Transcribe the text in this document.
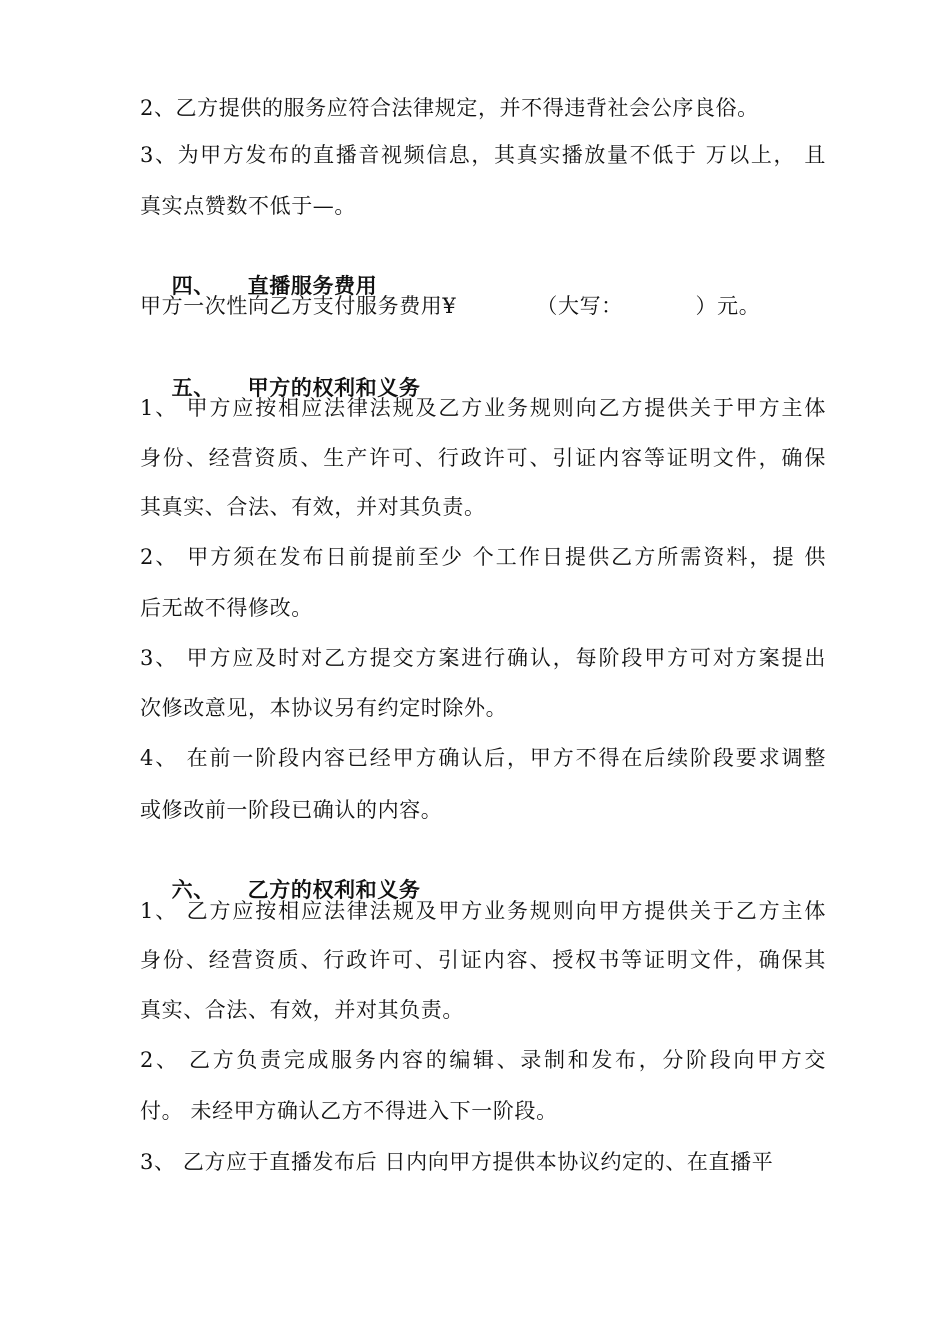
2、乙方提供的服务应符合法律规定，并不得违背社会公序良俗。
3、为甲方发布的直播音视频信息，其真实播放量不低于 万以上， 且
真实点赞数不低于—。

四、 直播服务费用

甲方一次性向乙方支付服务费用¥           （大写：          ）元。

五、 甲方的权利和义务

1、 甲方应按相应法律法规及乙方业务规则向乙方提供关于甲方主体
身份、经营资质、生产许可、行政许可、引证内容等证明文件，确保
其真实、合法、有效，并对其负责。
2、 甲方须在发布日前提前至少 个工作日提供乙方所需资料，提 供
后无故不得修改。
3、 甲方应及时对乙方提交方案进行确认，每阶段甲方可对方案提出
次修改意见，本协议另有约定时除外。
4、 在前一阶段内容已经甲方确认后，甲方不得在后续阶段要求调整
或修改前一阶段已确认的内容。

六、 乙方的权利和义务

1、 乙方应按相应法律法规及甲方业务规则向甲方提供关于乙方主体
身份、经营资质、行政许可、引证内容、授权书等证明文件，确保其
真实、合法、有效，并对其负责。
2、 乙方负责完成服务内容的编辑、录制和发布，分阶段向甲方交
付。 未经甲方确认乙方不得进入下一阶段。
3、 乙方应于直播发布后 日内向甲方提供本协议约定的、在直播平
